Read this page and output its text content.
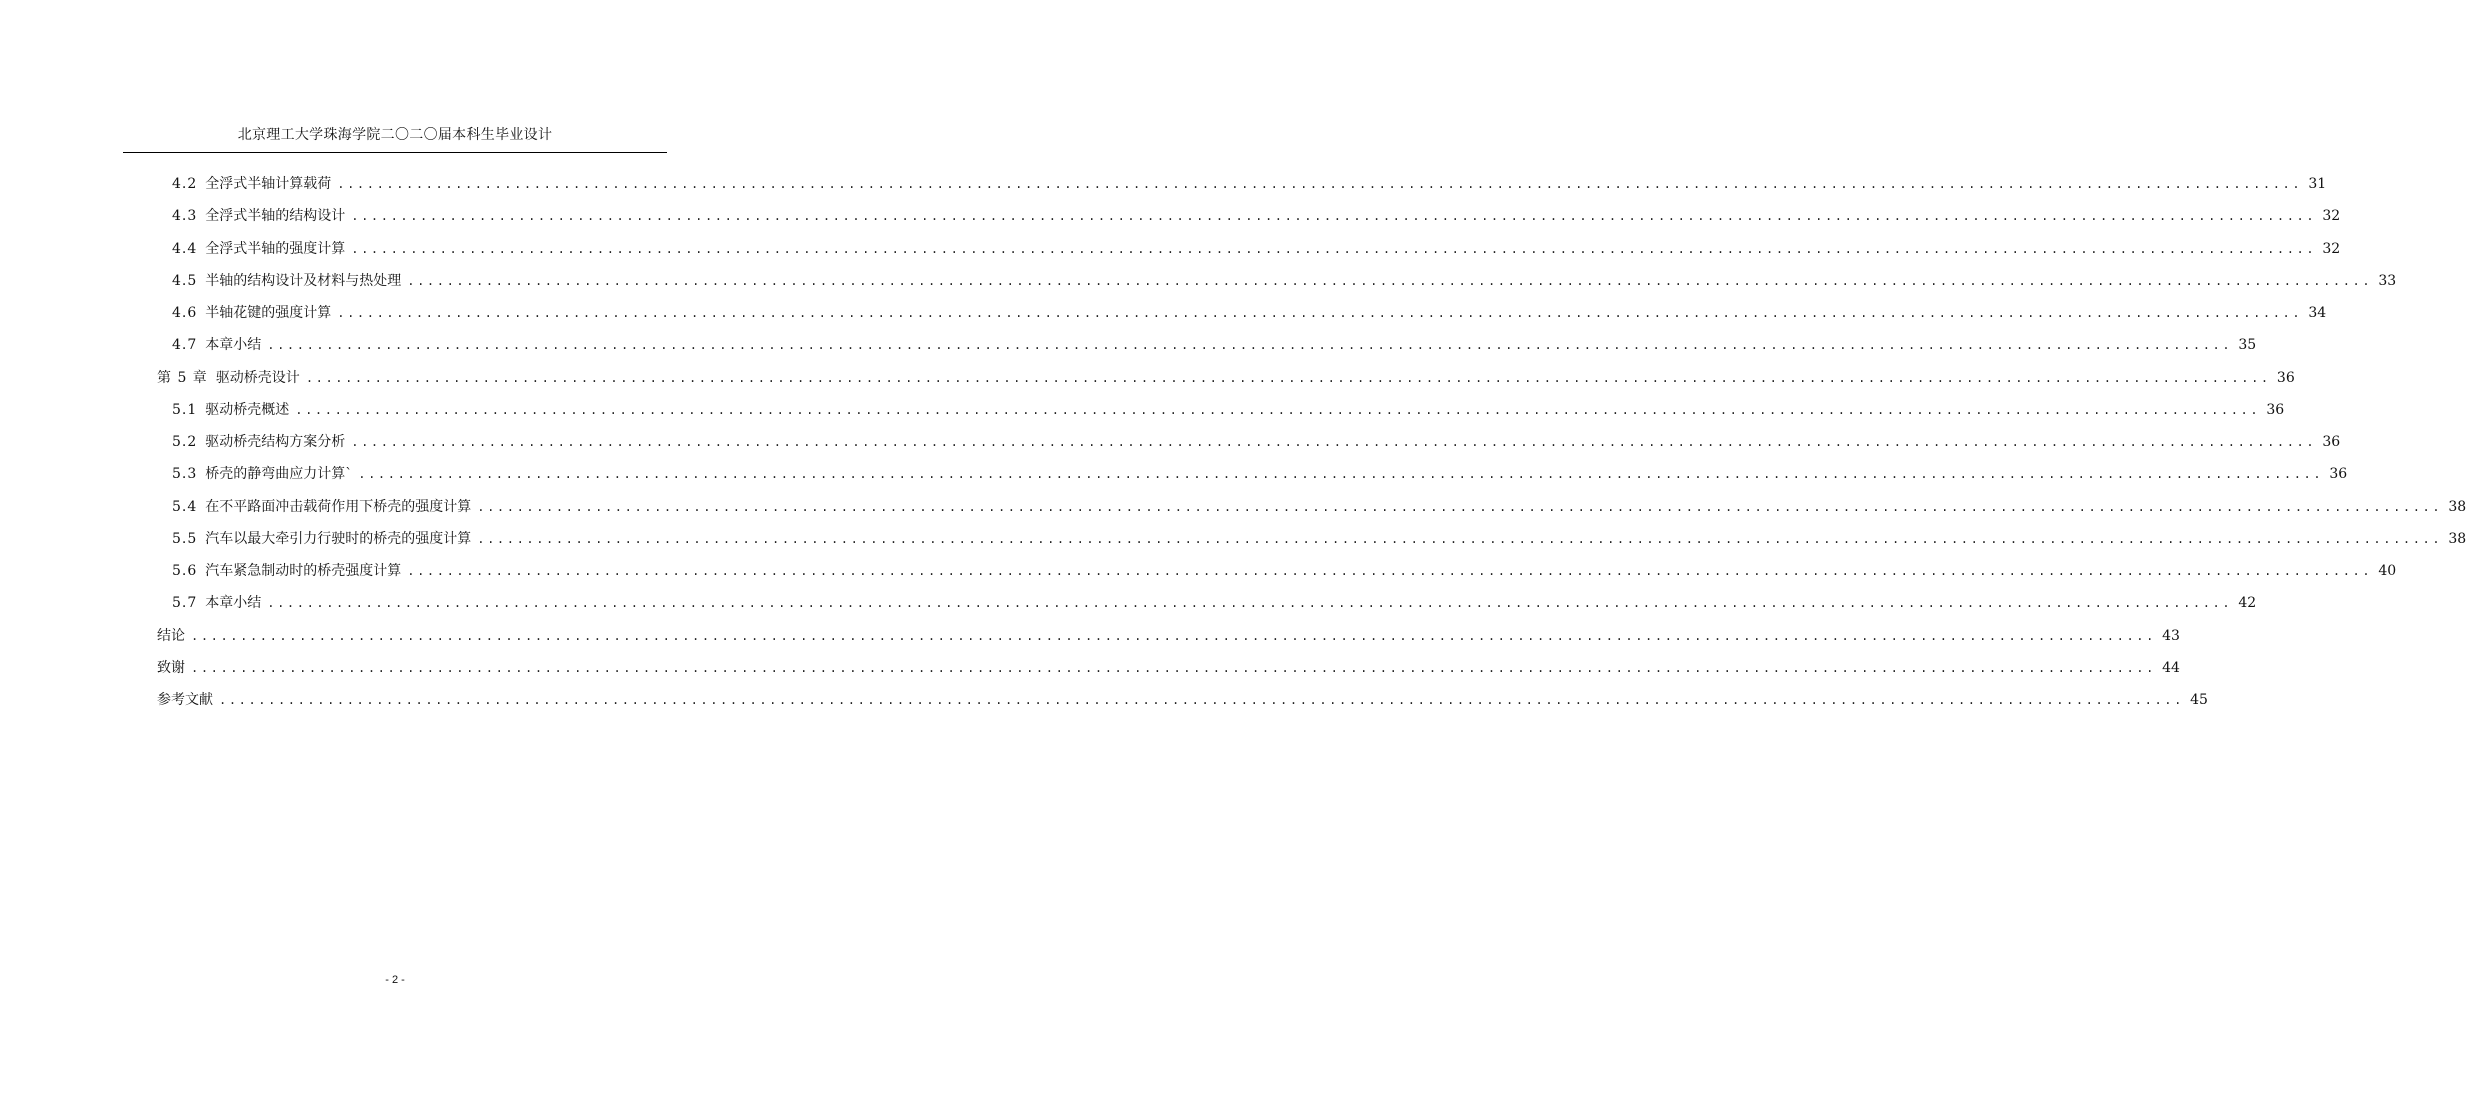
北京理工大学珠海学院二〇二〇届本科生毕业设计
4.2 全浮式半轴计算载荷 ........................................................................................................................................................................................................ 31
4.3 全浮式半轴的结构设计 ........................................................................................................................................................................................................ 32
4.4 全浮式半轴的强度计算 ........................................................................................................................................................................................................ 32
4.5 半轴的结构设计及材料与热处理 ........................................................................................................................................................................................................ 33
4.6 半轴花键的强度计算 ........................................................................................................................................................................................................ 34
4.7 本章小结 ........................................................................................................................................................................................................ 35
第 5 章 驱动桥壳设计 ........................................................................................................................................................................................................ 36
5.1 驱动桥壳概述 ........................................................................................................................................................................................................ 36
5.2 驱动桥壳结构方案分析 ........................................................................................................................................................................................................ 36
5.3 桥壳的静弯曲应力计算` ........................................................................................................................................................................................................ 36
5.4 在不平路面冲击载荷作用下桥壳的强度计算 ........................................................................................................................................................................................................ 38
5.5 汽车以最大牵引力行驶时的桥壳的强度计算 ........................................................................................................................................................................................................ 38
5.6 汽车紧急制动时的桥壳强度计算 ........................................................................................................................................................................................................ 40
5.7 本章小结 ........................................................................................................................................................................................................ 42
结论 ........................................................................................................................................................................................................ 43
致谢 ........................................................................................................................................................................................................ 44
参考文献 ........................................................................................................................................................................................................ 45
- 2 -
